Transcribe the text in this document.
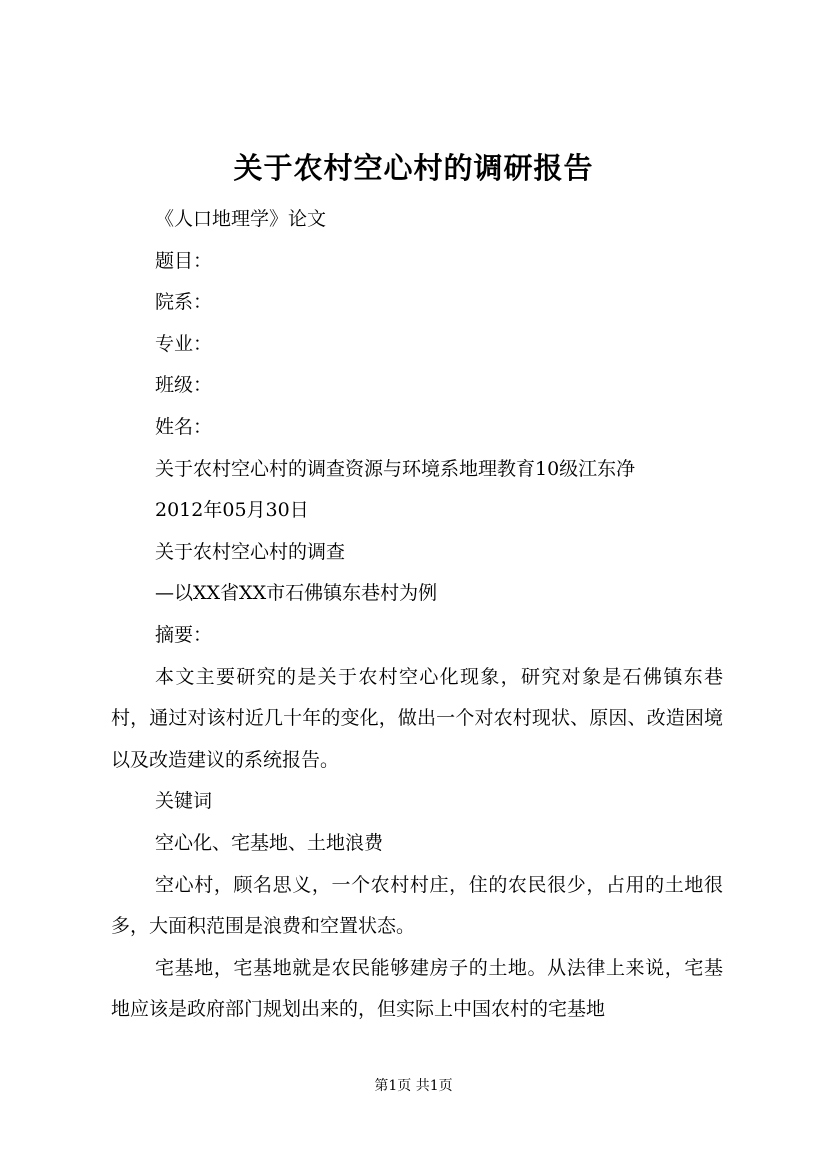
关于农村空心村的调研报告
《人口地理学》论文
题目：
院系：
专业：
班级：
姓名：
关于农村空心村的调查资源与环境系地理教育10级江东净
2012年05月30日
关于农村空心村的调查
—以XX省XX市石佛镇东巷村为例
摘要：
本文主要研究的是关于农村空心化现象，研究对象是石佛镇东巷村，通过对该村近几十年的变化，做出一个对农村现状、原因、改造困境以及改造建议的系统报告。
关键词
空心化、宅基地、土地浪费
空心村，顾名思义，一个农村村庄，住的农民很少，占用的土地很多，大面积范围是浪费和空置状态。
宅基地，宅基地就是农民能够建房子的土地。从法律上来说，宅基地应该是政府部门规划出来的，但实际上中国农村的宅基地
第1页 共1页
